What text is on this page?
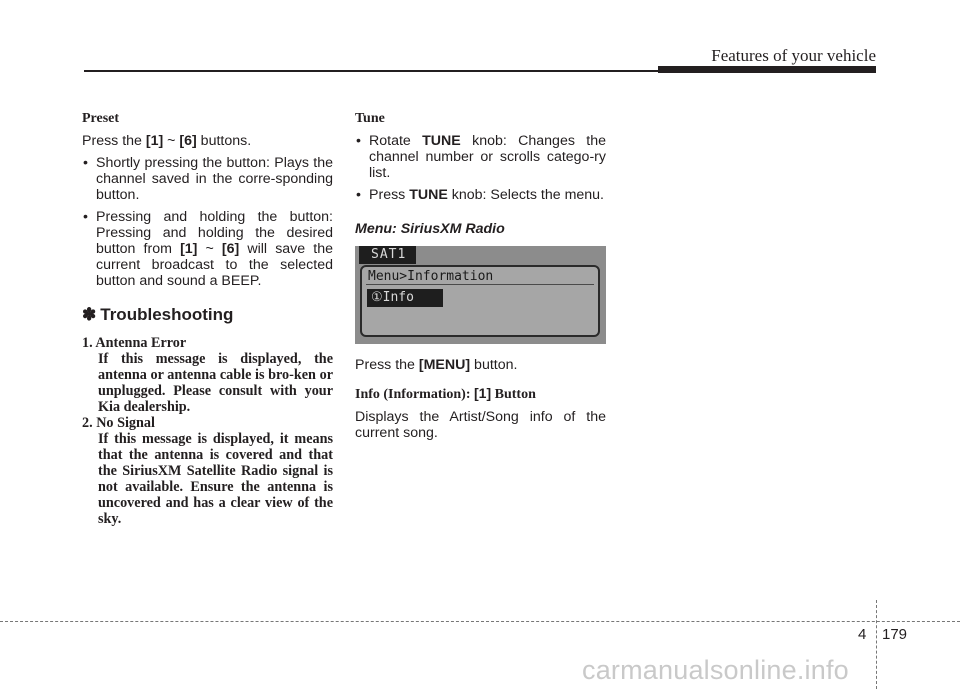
Features of your vehicle
Preset

Press the [1] ~ [6] buttons.

• Shortly pressing the button: Plays the channel saved in the corre-sponding button.
• Pressing and holding the button: Pressing and holding the desired button from [1] ~ [6] will save the current broadcast to the selected button and sound a BEEP.
✽ Troubleshooting
1. Antenna Error
If this message is displayed, the antenna or antenna cable is bro-ken or unplugged. Please consult with your Kia dealership.
2. No Signal
If this message is displayed, it means that the antenna is covered and that the SiriusXM Satellite Radio signal is not available. Ensure the antenna is uncovered and has a clear view of the sky.
Tune
• Rotate TUNE knob: Changes the channel number or scrolls catego-ry list.
• Press TUNE knob: Selects the menu.
Menu: SiriusXM Radio
SAT1
Menu>Information
①Info

Press the [MENU] button.

Info (Information): [1] Button

Displays the Artist/Song info of the current song.

4 179
carmanualsonline.info
